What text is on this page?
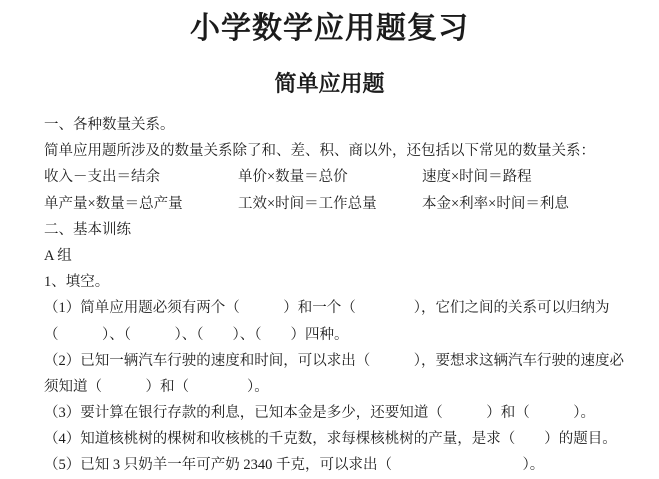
小学数学应用题复习
简单应用题
一、各种数量关系。
简单应用题所涉及的数量关系除了和、差、积、商以外，还包括以下常见的数量关系：
收入－支出＝结余	单价×数量＝总价	速度×时间＝路程
单产量×数量＝总产量	工效×时间＝工作总量	本金×利率×时间＝利息
二、基本训练
A 组
1、填空。
（1）简单应用题必须有两个（　　　）和一个（　　　　），它们之间的关系可以归纳为
（　　　）、（　　　）、（　　）、（　　）四种。
（2）已知一辆汽车行驶的速度和时间，可以求出（　　　），要想求这辆汽车行驶的速度必
须知道（　　　）和（　　　　）。
（3）要计算在银行存款的利息，已知本金是多少，还要知道（　　　）和（　　　）。
（4）知道核桃树的棵树和收核桃的千克数，求每棵核桃树的产量，是求（　　）的题目。
（5）已知 3 只奶羊一年可产奶 2340 千克，可以求出（　　　　　　　　　）。
